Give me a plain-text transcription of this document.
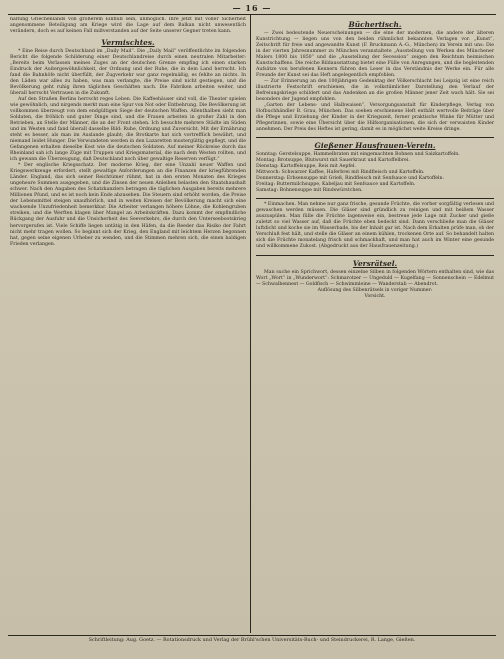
— 16 —

haltung Griechenlands von größerem Einfluß sein, unmöglich. Ihre jetzt mit voller Sicherheit angenommene Beteiligung am Kriege wird die Lage auf dem Balkan nicht unwesentlich verändern, doch es auf keinen Fall mißverstanden auf der Seite unserer Gegner treten kann.

Vermischtes.

* Eine Reise durch Deutschland im „Daily Mail“. Die „Daily Mail“ veröffentlichte im folgenden Bericht die folgende Schilderung einer Deutschlandreise durch einen neutralen Mitarbeiter: „Bereits beim Verlassen meines Zuges an der deutschen Grenze empfing ich einen starken Eindruck der Außergewöhnlichkeit, der Ordnung und der Ruhe, die in dem Land herrscht. Ich fand die Bahnhöfe nicht überfüllt, der Zugverkehr war ganz regelmäßig, es fehlte an nichts. In den Läden war alles zu haben, was man verlangte, die Preise sind nicht gestiegen, und die Bevölkerung geht ruhig ihren täglichen Geschäften nach. Die Fabriken arbeiten weiter, und überall herrscht Vertrauen in die Zukunft.

Auf den Straßen Berlins herrscht reges Leben. Die Kaffeehäuser sind voll, die Theater spielen wie gewöhnlich, und nirgends merkt man eine Spur von Not oder Entbehrung. Die Bevölkerung ist vollkommen überzeugt von dem endgültigen Siege der deutschen Waffen. Allenthalben sieht man Soldaten, die fröhlich und guter Dinge sind, und die Frauen arbeiten in großer Zahl in den Betrieben, an Stelle der Männer, die an der Front stehen. Ich besuchte mehrere Städte im Süden und im Westen und fand überall dasselbe Bild: Ruhe, Ordnung und Zuversicht. Mit der Ernährung steht es besser, als man im Auslande glaubt; die Brotkarte hat sich vortrefflich bewährt, und niemand leidet Hunger. Die Verwundeten werden in den Lazaretten mustergültig gepflegt, und die Gefangenen erhalten dieselbe Kost wie die deutschen Soldaten. Auf meiner Rückreise durch das Rheinland sah ich lange Züge mit Truppen und Kriegsmaterial, die nach dem Westen rollten, und ich gewann die Überzeugung, daß Deutschland noch über gewaltige Reserven verfügt.“

* Der englische Kriegsschatz. Der moderne Krieg, der eine Unzahl neuer Waffen und Kriegswerkzeuge erfordert, stellt gewaltige Anforderungen an die Finanzen der kriegführenden Länder. England, das sich seiner Reichtümer rühmt, hat in den ersten Monaten des Krieges ungeheure Summen ausgegeben, und die Zinsen der neuen Anleihen belasten den Staatshaushalt schwer. Nach den Angaben des Schatzkanzlers betragen die täglichen Ausgaben bereits mehrere Millionen Pfund, und es ist noch kein Ende abzusehen. Die Steuern sind erhöht worden, die Preise der Lebensmittel steigen unaufhörlich, und in weiten Kreisen der Bevölkerung macht sich eine wachsende Unzufriedenheit bemerkbar. Die Arbeiter verlangen höhere Löhne, die Kohlengruben streiken, und die Werften klagen über Mangel an Arbeitskräften. Dazu kommt der empfindliche Rückgang der Ausfuhr und die Unsicherheit des Seeverkehrs, die durch den Unterseebootskrieg hervorgerufen ist. Viele Schiffe liegen untätig in den Häfen, da die Reeder das Risiko der Fahrt nicht mehr tragen wollen. So beginnt sich der Krieg, den England mit leichtem Herzen begonnen hat, gegen seine eigenen Urheber zu wenden, und die Stimmen mehren sich, die einen baldigen Frieden verlangen.

Büchertisch.

— Zwei bedeutende Neuerscheinungen — die eine der modernen, die andere der älteren Kunstrichtung — liegen uns von den beiden rühmlichst bekannten Verlagen vor. „Kunst“, Zeitschrift für freie und angewandte Kunst (F. Bruckmann A.-G., München) im Verein mit uns: Die in der vierten Jahresnummer zu München veranstaltete „Ausstellung von Werken des Münchener Malers 1800 bis 1850“ und die „Ausstellung der Secession“ zeigen den Reichtum heimischen Kunstschaffens. Die reiche Bildausstattung bietet eine Fülle von Anregungen, und die begleitenden Aufsätze von berufenen Kennern führen den Leser in das Verständnis der Werke ein. Für alle Freunde der Kunst sei das Heft angelegentlich empfohlen.

— Zur Erinnerung an den 100jährigen Gedenktag der Völkerschlacht bei Leipzig ist eine reich illustrierte Festschrift erschienen, die in volkstümlicher Darstellung den Verlauf der Befreiungskriege schildert und das Andenken an die großen Männer jener Zeit wach hält. Sie sei besonders der Jugend empfohlen.

„Garten der Lebens- und Halbwaisen“, Versorgungsanstalt für Kinderpflege, Verlag von Hofbuchhändler B. Grau, München. Das soeben erschienene Heft enthält wertvolle Beiträge über die Pflege und Erziehung der Kinder in der Kriegszeit, ferner praktische Winke für Mütter und Pflegerinnen, sowie eine Übersicht über die Hilfsorganisationen, die sich der verwaisten Kinder annehmen. Der Preis des Heftes ist gering, damit es in möglichst weite Kreise dringe.

Gießener Hausfrauen-Verein.

Sonntag: Gerstelsuppe, Hammelbraten mit eingemachten Bohnen und Salzkartoffeln.

Montag: Brotsuppe, Blutwurst mit Sauerkraut und Kartoffelbrei.

Dienstag: Kartoffelsuppe, Reis mit Aepfel.

Mittwoch: Schwarzer Kaffee, Haferbrei mit Rindfleisch und Kartoffeln.

Donnerstag: Erbsensuppe mit Grieß, Rindfleisch mit Senfsauce und Kartoffeln.

Freitag: Buttermilchsuppe, Kabeljau mit Senfsauce und Kartoffeln.

Samstag: Bohnensuppe mit Rindswürstchen.

* Einmachen. Man nehme nur ganz frische, gesunde Früchte, die vorher sorgfältig verlesen und gewaschen werden müssen. Die Gläser sind gründlich zu reinigen und mit heißem Wasser auszuspülen. Man fülle die Früchte lagenweise ein, bestreue jede Lage mit Zucker und gieße zuletzt so viel Wasser auf, daß die Früchte eben bedeckt sind. Dann verschließe man die Gläser luftdicht und koche sie im Wasserbade, bis der Inhalt gar ist. Nach dem Erkalten prüfe man, ob der Verschluß fest hält, und stelle die Gläser an einem kühlen, trockenen Orte auf. So behandelt halten sich die Früchte monatelang frisch und schmackhaft, und man hat auch im Winter eine gesunde und willkommene Zukost. (Abgedruckt aus der Hausfrauenzeitung.)

Versrätsel.

Man suche ein Sprichwort, dessen einzelne Silben in folgenden Wörtern enthalten sind, wie das Wort „Wort“ in „Wunderwort“: Schmarotzer — Ungeduld — Kugelfang — Sonnenschein — Edelmut — Schwalbennest — Goldfisch — Schwimmleine — Wanderstab — Abendrot.

Auflösung des Silbenrätsels in voriger Nummer:

Vorsicht.

Schriftleitung: Aug. Goetz. — Rotationsdruck und Verlag der Brühl'schen Universitäts-Buch- und Steindruckerei, R. Lange, Gießen.
